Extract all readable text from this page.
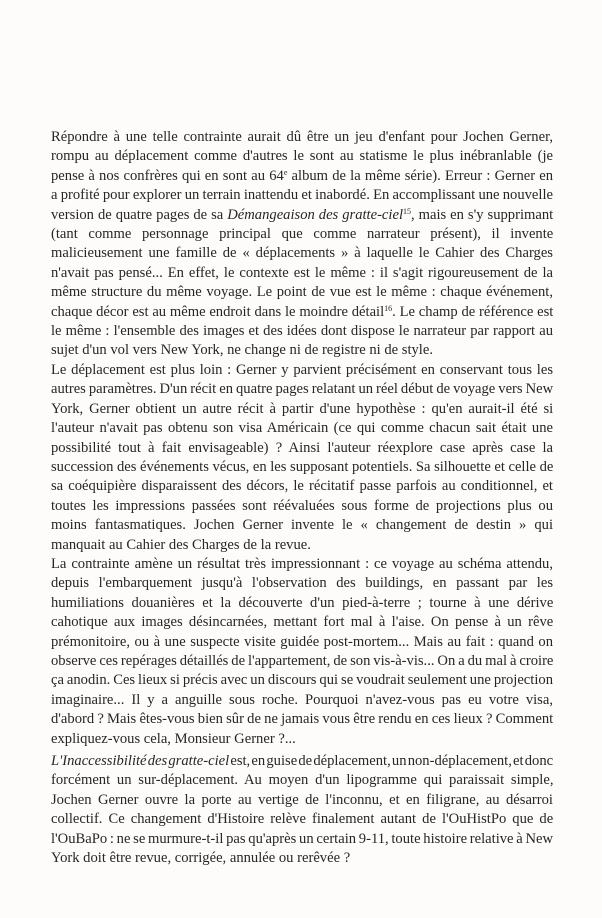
Répondre à une telle contrainte aurait dû être un jeu d'enfant pour Jochen Gerner,
rompu au déplacement comme d'autres le sont au statisme le plus inébranlable (je
pense à nos confrères qui en sont au 64e album de la même série). Erreur : Gerner en
a profité pour explorer un terrain inattendu et inabordé. En accomplissant une nouvelle
version de quatre pages de sa Démangeaison des gratte-ciel$^{15}$, mais en s'y supprimant
(tant comme personnage principal que comme narrateur présent), il invente
malicieusement une famille de « déplacements » à laquelle le Cahier des Charges
n'avait pas pensé... En effet, le contexte est le même : il s'agit rigoureusement de la
même structure du même voyage. Le point de vue est le même : chaque événement,
chaque décor est au même endroit dans le moindre détail$^{16}$. Le champ de référence est
le même : l'ensemble des images et des idées dont dispose le narrateur par rapport au
sujet d'un vol vers New York, ne change ni de registre ni de style.
Le déplacement est plus loin : Gerner y parvient précisément en conservant tous les
autres paramètres. D'un récit en quatre pages relatant un réel début de voyage vers New
York, Gerner obtient un autre récit à partir d'une hypothèse : qu'en aurait-il été si
l'auteur n'avait pas obtenu son visa Américain (ce qui comme chacun sait était une
possibilité tout à fait envisageable) ? Ainsi l'auteur réexplore case après case la
succession des événements vécus, en les supposant potentiels. Sa silhouette et celle de
sa coéquipière disparaissent des décors, le récitatif passe parfois au conditionnel, et
toutes les impressions passées sont réévaluées sous forme de projections plus ou
moins fantasmatiques. Jochen Gerner invente le « changement de destin » qui
manquait au Cahier des Charges de la revue.
La contrainte amène un résultat très impressionnant : ce voyage au schéma attendu,
depuis l'embarquement jusqu'à l'observation des buildings, en passant par les
humiliations douanières et la découverte d'un pied-à-terre ; tourne à une dérive
cahotique aux images désincarnées, mettant fort mal à l'aise. On pense à un rêve
prémonitoire, ou à une suspecte visite guidée post-mortem... Mais au fait : quand on
observe ces repérages détaillés de l'appartement, de son vis-à-vis... On a du mal à croire
ça anodin. Ces lieux si précis avec un discours qui se voudrait seulement une projection
imaginaire... Il y a anguille sous roche. Pourquoi n'avez-vous pas eu votre visa,
d'abord ? Mais êtes-vous bien sûr de ne jamais vous être rendu en ces lieux ? Comment
expliquez-vous cela, Monsieur Gerner ?...
L'Inaccessibilité des gratte-ciel est, en guise de déplacement, un non-déplacement, et donc
forcément un sur-déplacement. Au moyen d'un lipogramme qui paraissait simple,
Jochen Gerner ouvre la porte au vertige de l'inconnu, et en filigrane, au désarroi
collectif. Ce changement d'Histoire relève finalement autant de l'OuHistPo que de
l'OuBaPo : ne se murmure-t-il pas qu'après un certain 9-11, toute histoire relative à New
York doit être revue, corrigée, annulée ou rerêvée ?
